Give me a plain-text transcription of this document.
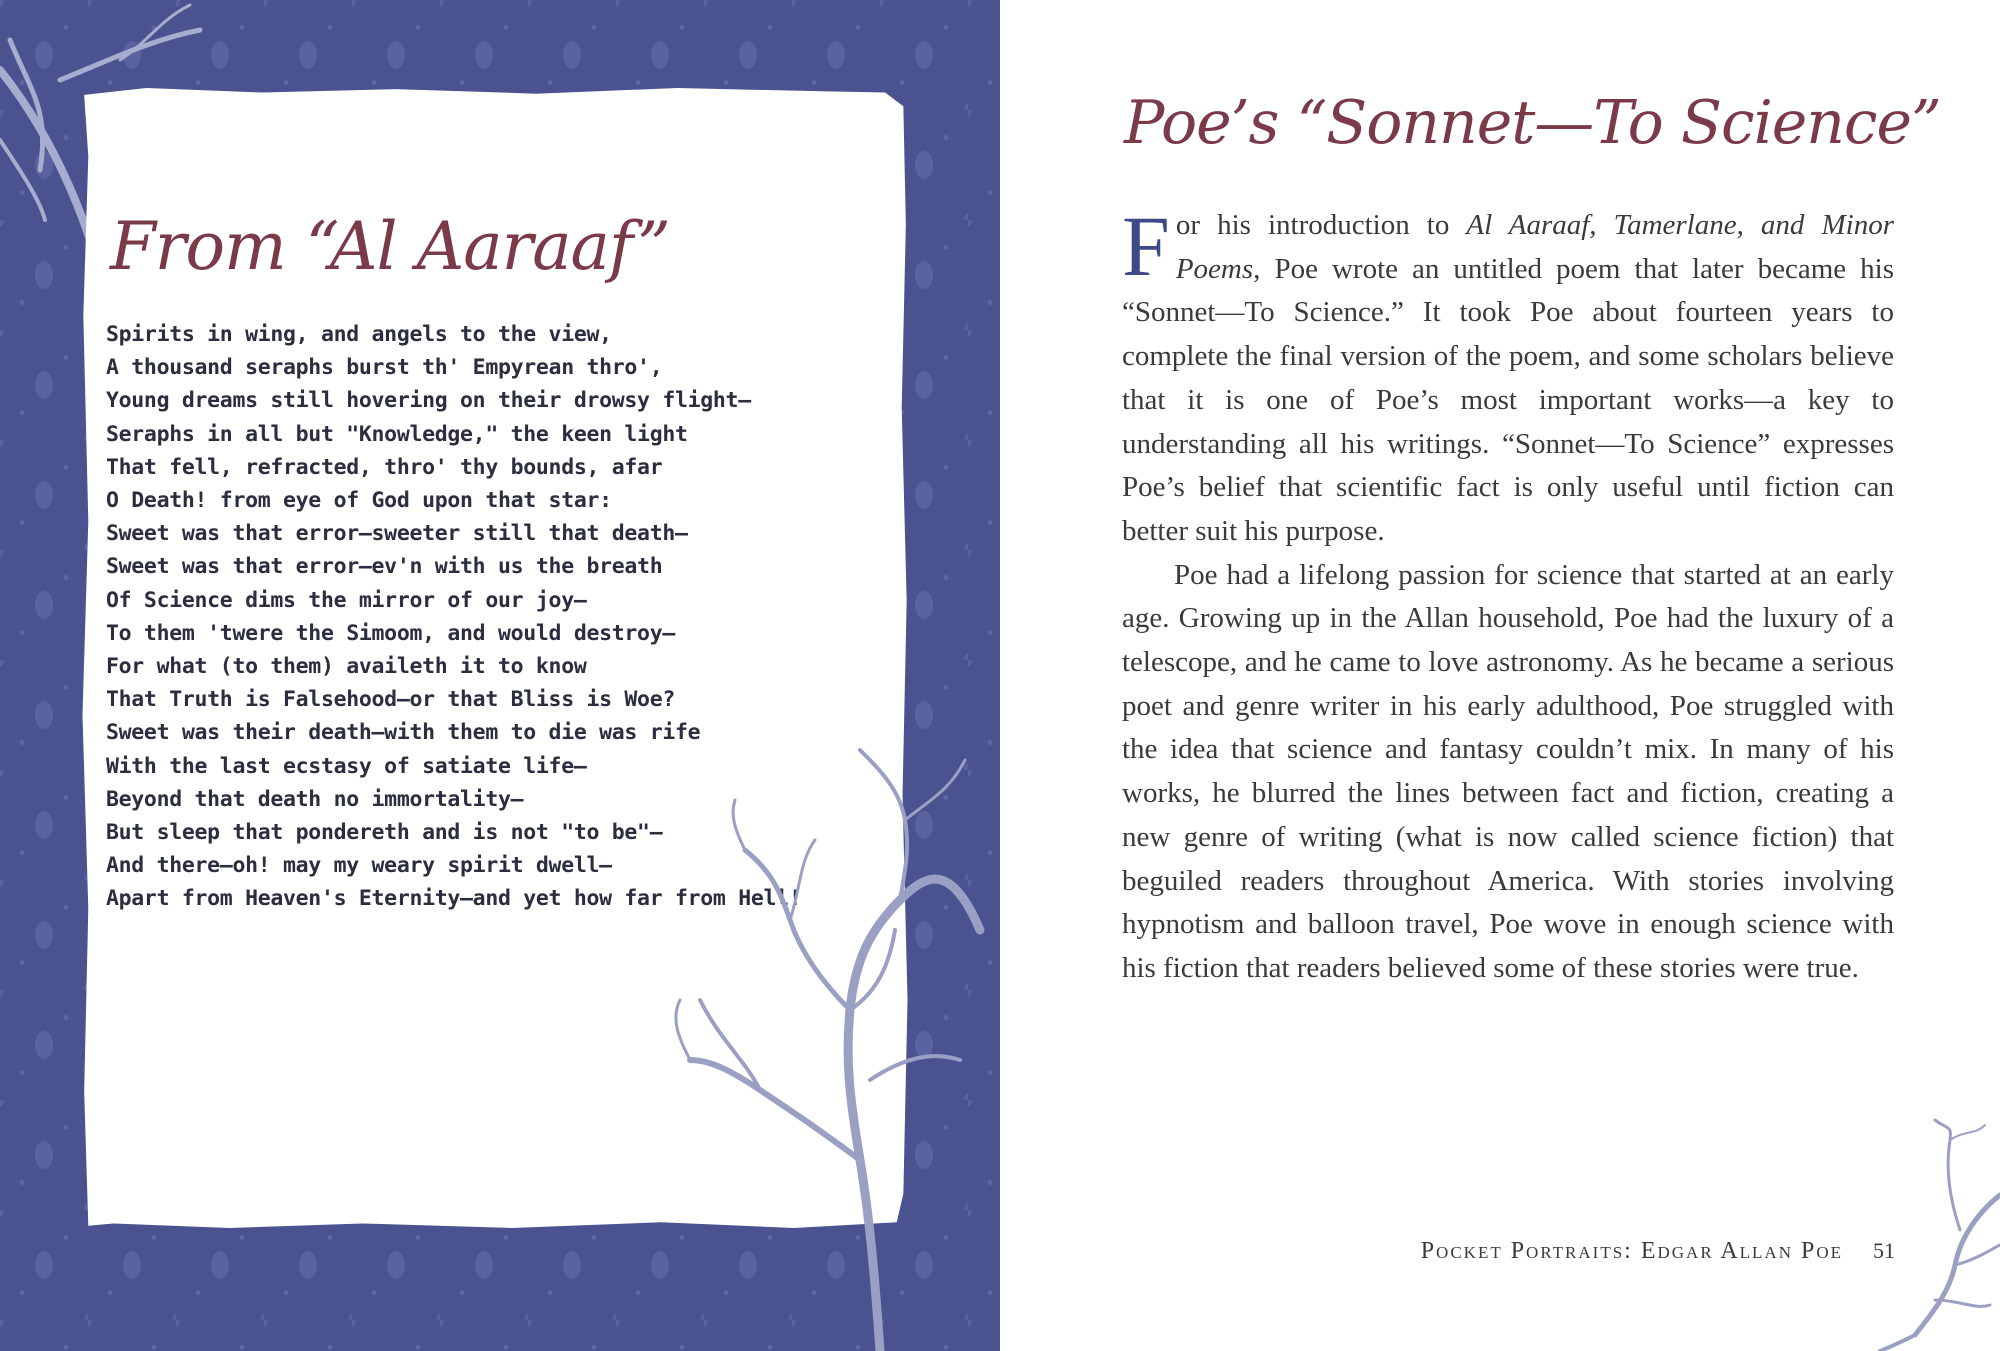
From “Al Aaraaf”
Spirits in wing, and angels to the view,
A thousand seraphs burst th' Empyrean thro',
Young dreams still hovering on their drowsy flight—
Seraphs in all but "Knowledge," the keen light
That fell, refracted, thro' thy bounds, afar
O Death! from eye of God upon that star:
Sweet was that error—sweeter still that death—
Sweet was that error—ev'n with us the breath
Of Science dims the mirror of our joy—
To them 'twere the Simoom, and would destroy—
For what (to them) availeth it to know
That Truth is Falsehood—or that Bliss is Woe?
Sweet was their death—with them to die was rife
With the last ecstasy of satiate life—
Beyond that death no immortality—
But sleep that pondereth and is not "to be"—
And there—oh! may my weary spirit dwell—
Apart from Heaven's Eternity—and yet how far from Hell!
Poe’s “Sonnet—To Science”

For his introduction to Al Aaraaf, Tamerlane, and Minor Poems, Poe wrote an untitled poem that later became his “Sonnet—To Science.” It took Poe about fourteen years to complete the final version of the poem, and some scholars believe that it is one of Poe’s most important works—a key to understanding all his writings. “Sonnet—To Science” expresses Poe’s belief that scientific fact is only useful until fiction can better suit his purpose.

Poe had a lifelong passion for science that started at an early age. Growing up in the Allan household, Poe had the luxury of a telescope, and he came to love astronomy. As he became a serious poet and genre writer in his early adulthood, Poe struggled with the idea that science and fantasy couldn’t mix. In many of his works, he blurred the lines between fact and fiction, creating a new genre of writing (what is now called science fiction) that beguiled readers throughout America. With stories involving hypnotism and balloon travel, Poe wove in enough science with his fiction that readers believed some of these stories were true.

Pocket Portraits: Edgar Allan Poe 51
